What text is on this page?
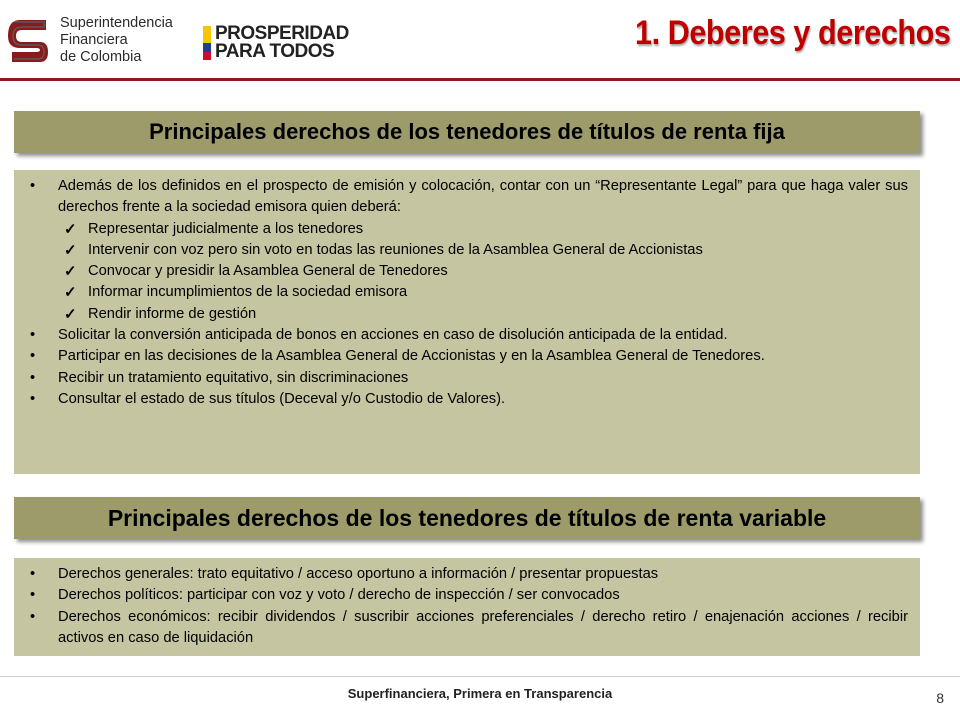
Superintendencia
Financiera
de Colombia
PROSPERIDAD
PARA TODOS	1. Deberes y derechos
Principales derechos de los tenedores de títulos de renta fija
• Además de los definidos en el prospecto de emisión y colocación, contar con un “Representante Legal” para que haga valer sus derechos frente a la sociedad emisora quien deberá:
✓ Representar judicialmente a los tenedores
✓ Intervenir con voz pero sin voto en todas las reuniones de la Asamblea General de Accionistas
✓ Convocar y presidir la Asamblea General de Tenedores
✓ Informar incumplimientos de la sociedad emisora
✓ Rendir informe de gestión
• Solicitar la conversión anticipada de bonos en acciones en caso de disolución anticipada de la entidad.
• Participar en las decisiones de la Asamblea General de Accionistas y en la Asamblea General de Tenedores.
• Recibir un tratamiento equitativo, sin discriminaciones
• Consultar el estado de sus títulos (Deceval y/o Custodio de Valores).
Principales derechos de los tenedores de títulos de renta variable
• Derechos generales: trato equitativo / acceso oportuno a información / presentar propuestas
• Derechos políticos: participar con voz y voto / derecho de inspección / ser convocados
• Derechos económicos: recibir dividendos / suscribir acciones preferenciales / derecho retiro / enajenación acciones / recibir activos en caso de liquidación
Superfinanciera, Primera en Transparencia	8
